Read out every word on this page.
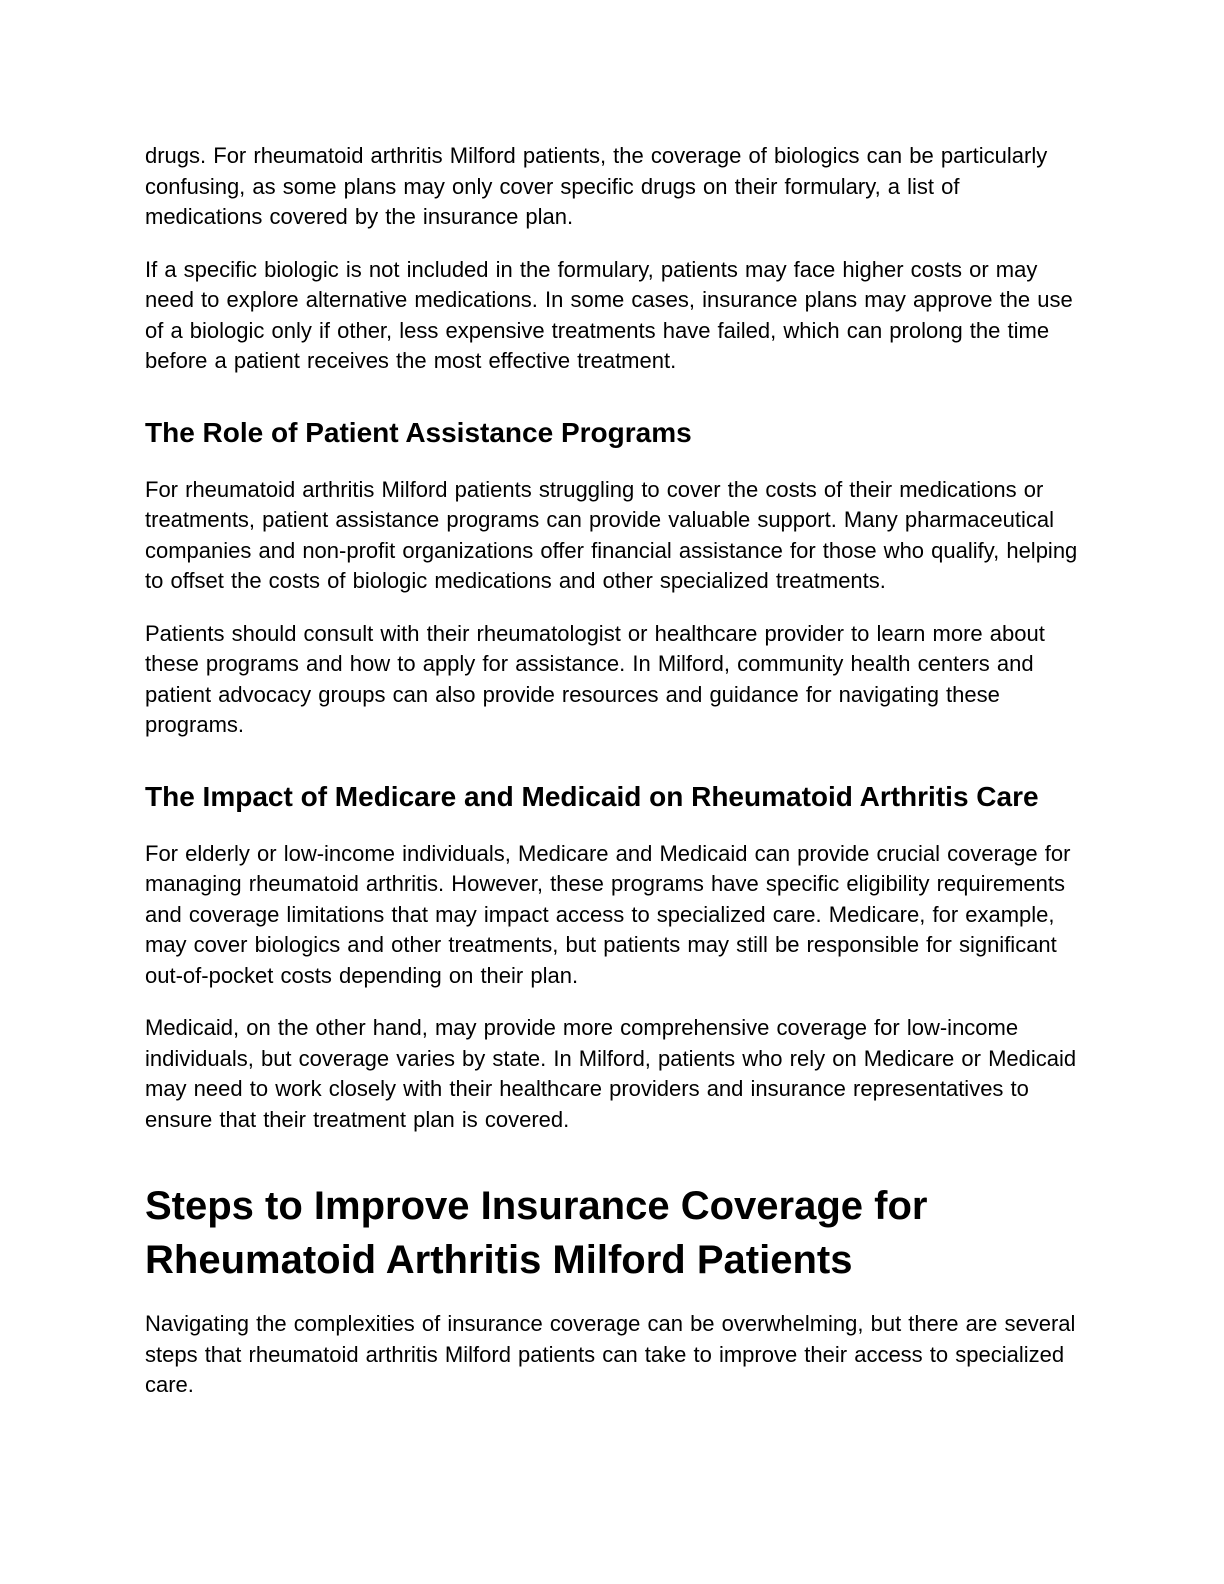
drugs. For rheumatoid arthritis Milford patients, the coverage of biologics can be particularly confusing, as some plans may only cover specific drugs on their formulary, a list of medications covered by the insurance plan.

If a specific biologic is not included in the formulary, patients may face higher costs or may need to explore alternative medications. In some cases, insurance plans may approve the use of a biologic only if other, less expensive treatments have failed, which can prolong the time before a patient receives the most effective treatment.

The Role of Patient Assistance Programs

For rheumatoid arthritis Milford patients struggling to cover the costs of their medications or treatments, patient assistance programs can provide valuable support. Many pharmaceutical companies and non-profit organizations offer financial assistance for those who qualify, helping to offset the costs of biologic medications and other specialized treatments.

Patients should consult with their rheumatologist or healthcare provider to learn more about these programs and how to apply for assistance. In Milford, community health centers and patient advocacy groups can also provide resources and guidance for navigating these programs.

The Impact of Medicare and Medicaid on Rheumatoid Arthritis Care

For elderly or low-income individuals, Medicare and Medicaid can provide crucial coverage for managing rheumatoid arthritis. However, these programs have specific eligibility requirements and coverage limitations that may impact access to specialized care. Medicare, for example, may cover biologics and other treatments, but patients may still be responsible for significant out-of-pocket costs depending on their plan.

Medicaid, on the other hand, may provide more comprehensive coverage for low-income individuals, but coverage varies by state. In Milford, patients who rely on Medicare or Medicaid may need to work closely with their healthcare providers and insurance representatives to ensure that their treatment plan is covered.

Steps to Improve Insurance Coverage for Rheumatoid Arthritis Milford Patients

Navigating the complexities of insurance coverage can be overwhelming, but there are several steps that rheumatoid arthritis Milford patients can take to improve their access to specialized care.
